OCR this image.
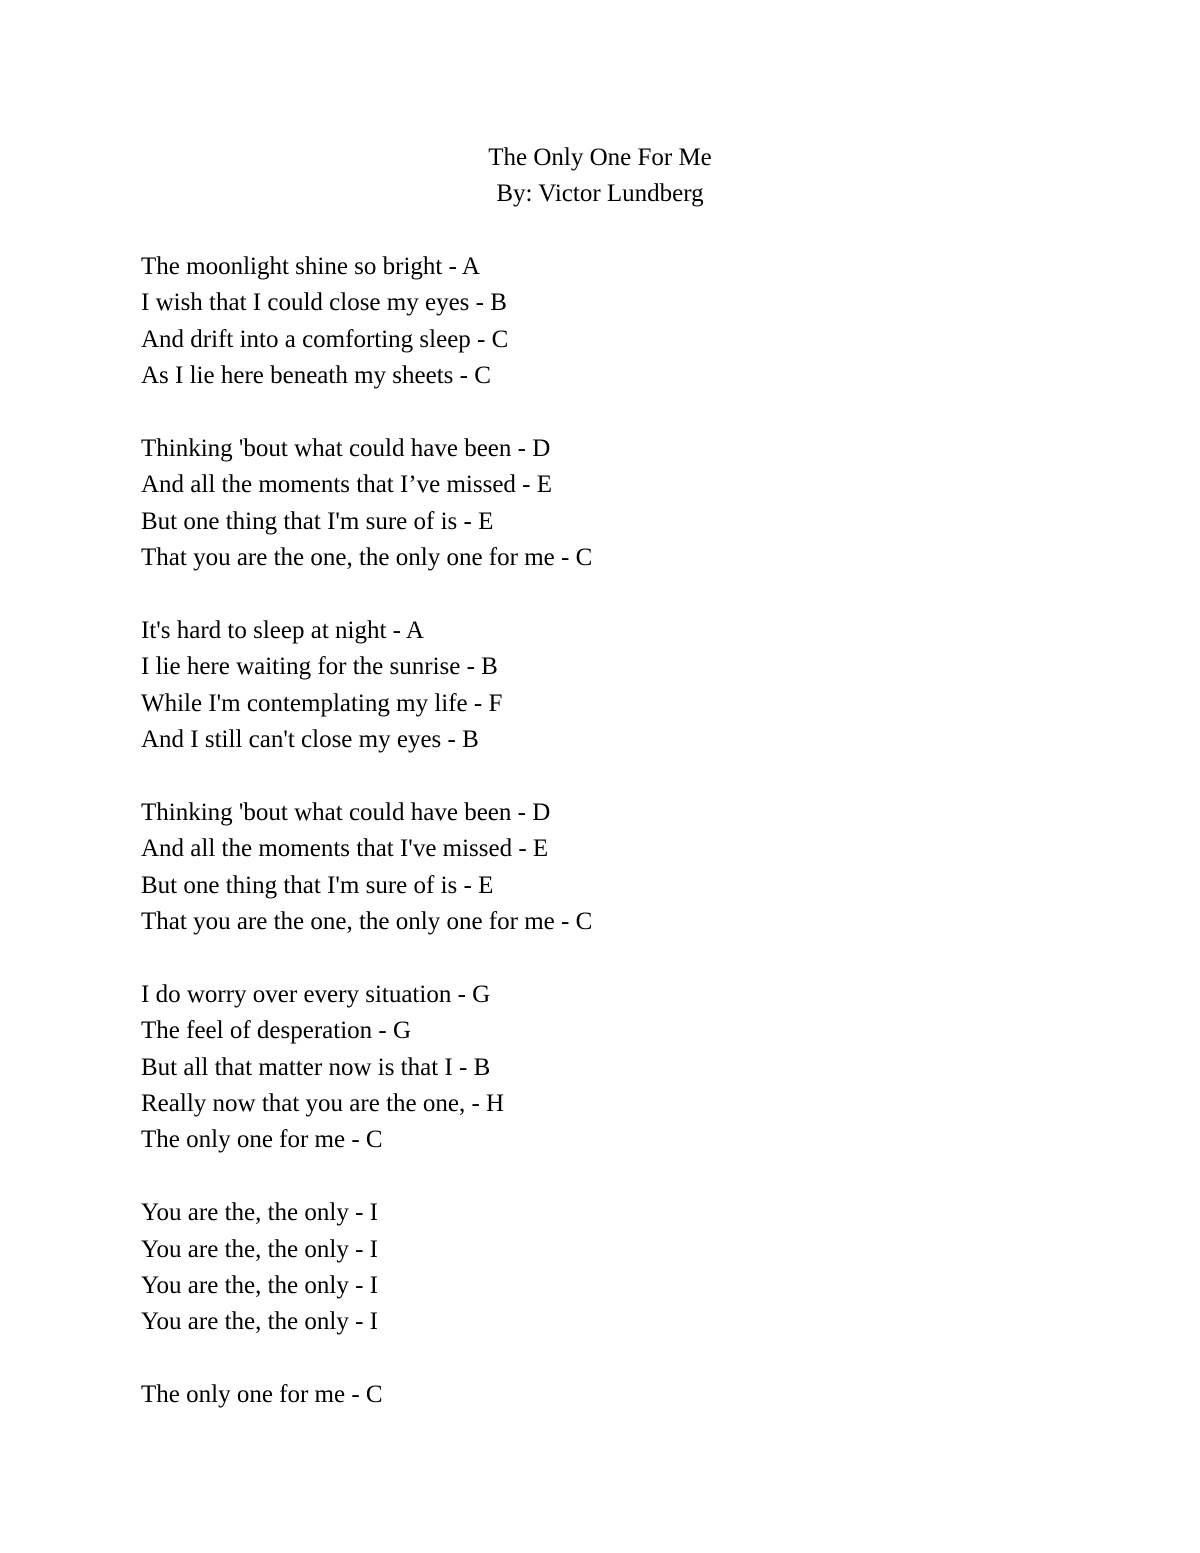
The Only One For Me
By: Victor Lundberg
The moonlight shine so bright - A
I wish that I could close my eyes - B
And drift into a comforting sleep - C
As I lie here beneath my sheets - C
Thinking 'bout what could have been - D
And all the moments that I’ve missed - E
But one thing that I'm sure of is - E
That you are the one, the only one for me - C
It's hard to sleep at night - A
I lie here waiting for the sunrise - B
While I'm contemplating my life - F
And I still can't close my eyes - B
Thinking 'bout what could have been - D
And all the moments that I've missed - E
But one thing that I'm sure of is - E
That you are the one, the only one for me - C
I do worry over every situation - G
The feel of desperation - G
But all that matter now is that I - B
Really now that you are the one, - H
The only one for me - C
You are the, the only - I
You are the, the only - I
You are the, the only - I
You are the, the only - I
The only one for me - C
